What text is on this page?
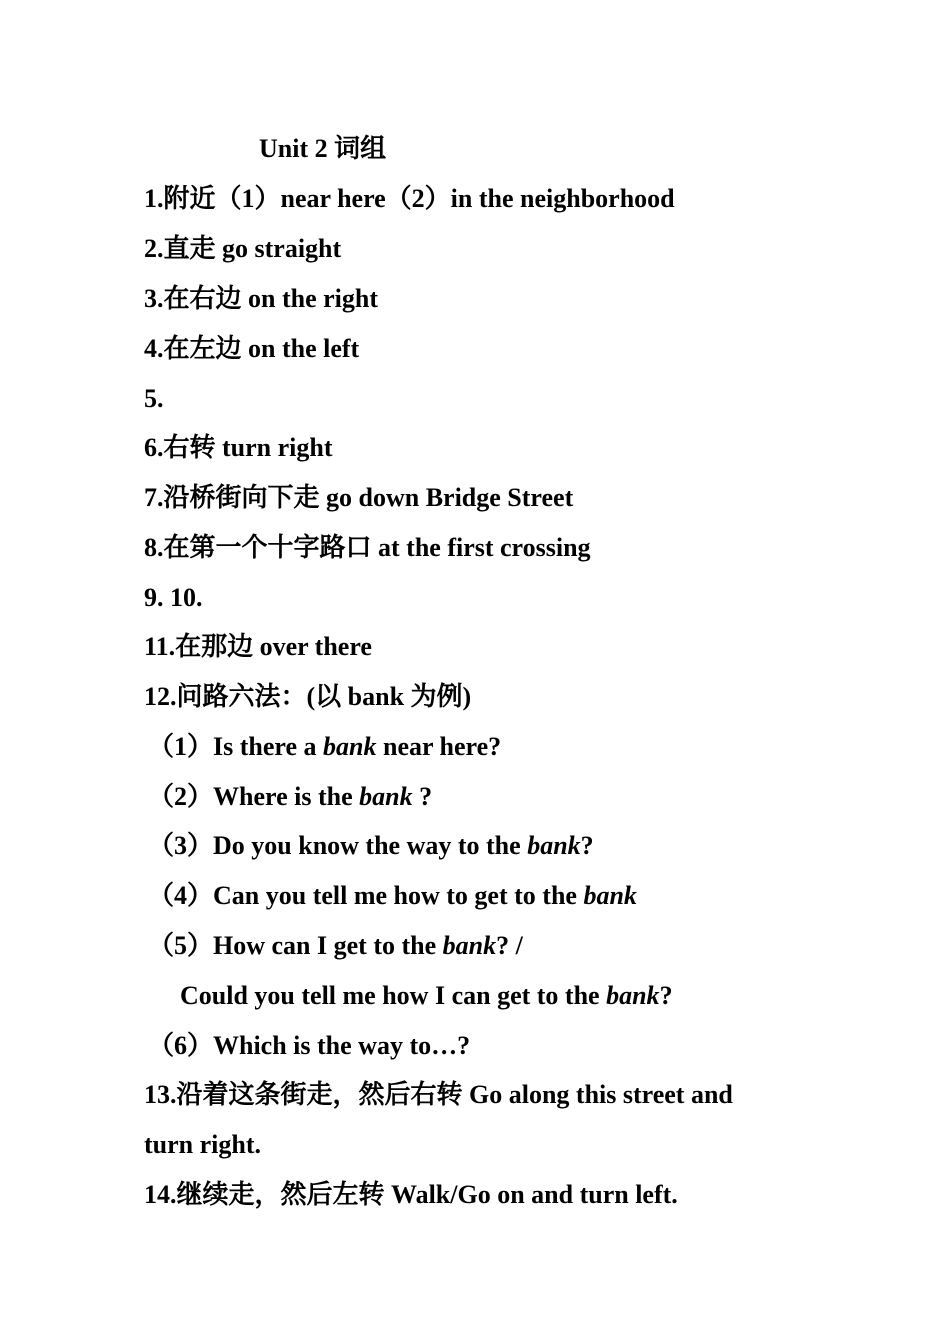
Unit 2 词组
1.附近（1）near here（2）in the neighborhood
2.直走 go straight
3.在右边 on the right
4.在左边 on the left
5.
6.右转 turn right
7.沿桥街向下走 go down Bridge Street
8.在第一个十字路口 at the first crossing
9. 10.
11.在那边 over there
12.问路六法：(以 bank 为例)
（1）Is there a bank near here?
（2）Where is the bank ?
（3）Do you know the way to the bank?
（4）Can you tell me how to get to the bank
（5）How can I get to the bank? /
Could you tell me how I can get to the bank?
（6）Which is the way to…?
13.沿着这条街走，然后右转 Go along this street and
turn right.
14.继续走，然后左转 Walk/Go on and turn left.
